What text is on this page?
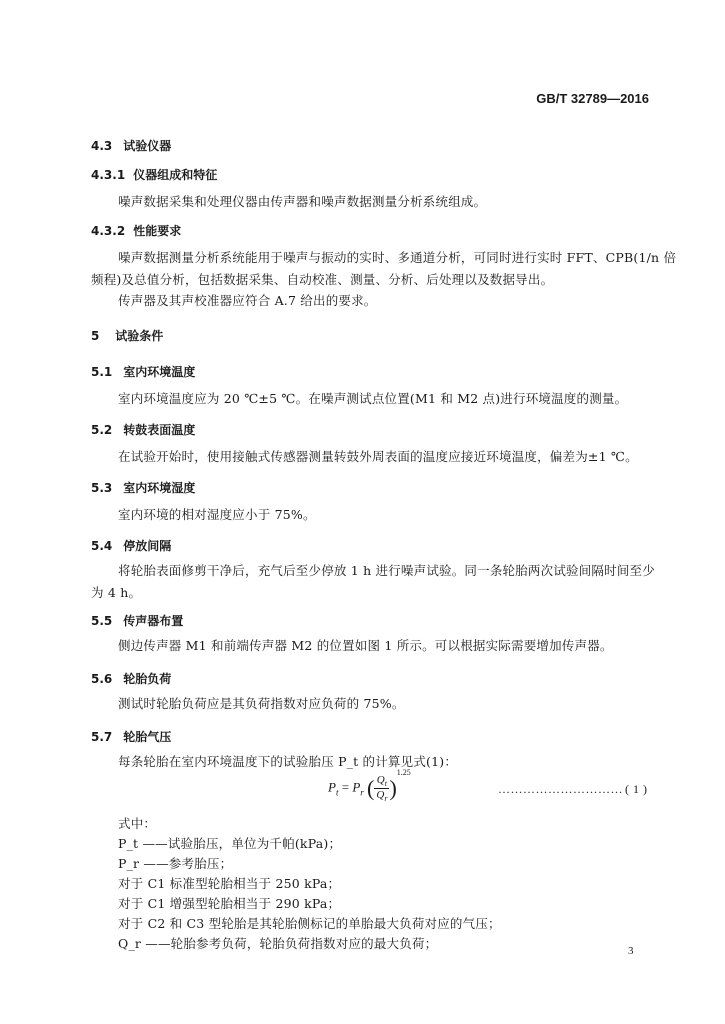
GB/T 32789—2016
4.3 试验仪器
4.3.1 仪器组成和特征
噪声数据采集和处理仪器由传声器和噪声数据测量分析系统组成。
4.3.2 性能要求
噪声数据测量分析系统能用于噪声与振动的实时、多通道分析，可同时进行实时 FFT、CPB(1/n 倍
频程)及总值分析，包括数据采集、自动校准、测量、分析、后处理以及数据导出。
传声器及其声校准器应符合 A.7 给出的要求。
5 试验条件
5.1 室内环境温度
室内环境温度应为 20 ℃±5 ℃。在噪声测试点位置(M1 和 M2 点)进行环境温度的测量。
5.2 转鼓表面温度
在试验开始时，使用接触式传感器测量转鼓外周表面的温度应接近环境温度，偏差为±1 ℃。
5.3 室内环境湿度
室内环境的相对湿度应小于 75%。
5.4 停放间隔
将轮胎表面修剪干净后，充气后至少停放 1 h 进行噪声试验。同一条轮胎两次试验间隔时间至少
为 4 h。
5.5 传声器布置
侧边传声器 M1 和前端传声器 M2 的位置如图 1 所示。可以根据实际需要增加传声器。
5.6 轮胎负荷
测试时轮胎负荷应是其负荷指数对应负荷的 75%。
5.7 轮胎气压
每条轮胎在室内环境温度下的试验胎压 P_t 的计算见式(1)：
$P_t = P_r$ ( $\frac{Q_t}{Q_r} )^{1.25}$
………………………… ( 1 )
式中：
P_t ——试验胎压，单位为千帕(kPa)；
P_r ——参考胎压；
对于 C1 标准型轮胎相当于 250 kPa；
对于 C1 增强型轮胎相当于 290 kPa；
对于 C2 和 C3 型轮胎是其轮胎侧标记的单胎最大负荷对应的气压；
Q_r ——轮胎参考负荷，轮胎负荷指数对应的最大负荷；	3
